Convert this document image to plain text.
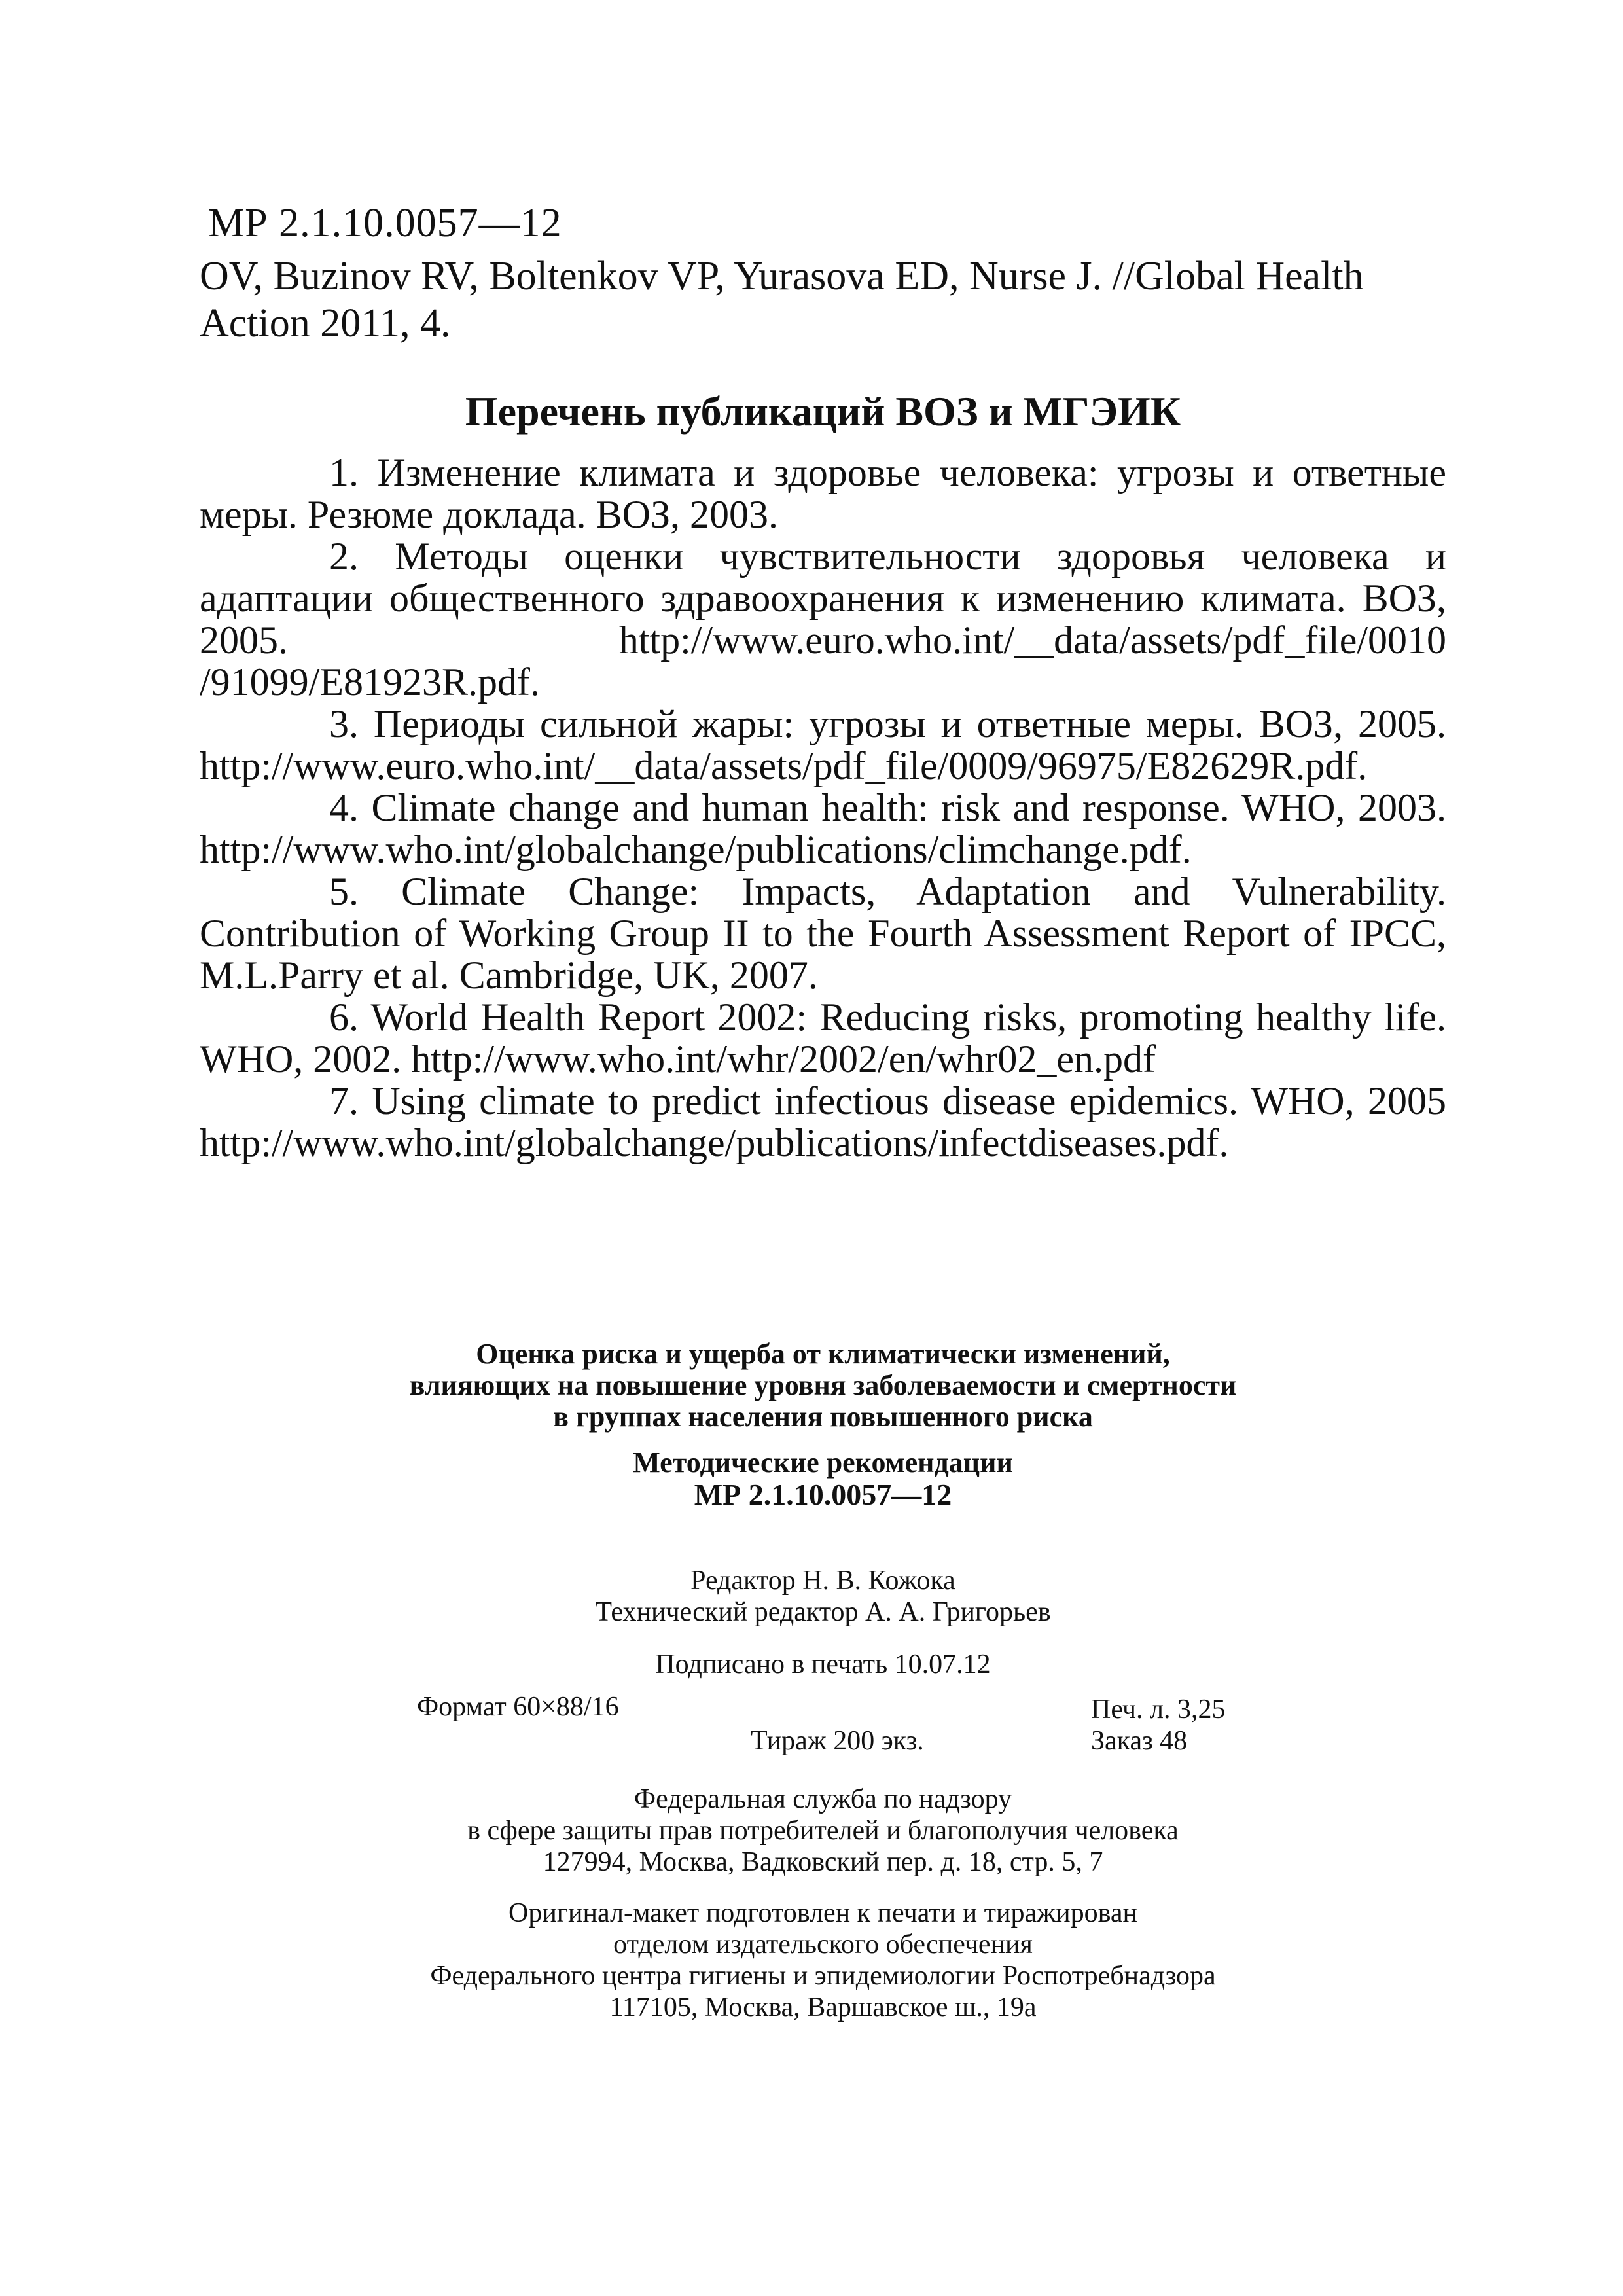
МР 2.1.10.0057—12
OV, Buzinov RV, Boltenkov VP, Yurasova ED, Nurse J. //Global Health Action 2011, 4.
Перечень публикаций ВОЗ и МГЭИК
1. Изменение климата и здоровье человека: угрозы и ответные меры. Резюме доклада. ВОЗ, 2003.
2. Методы оценки чувствительности здоровья человека и адаптации общественного здравоохранения к изменению климата. ВОЗ, 2005. http://www.euro.who.int/__data/assets/pdf_file/0010 /91099/E81923R.pdf.
3. Периоды сильной жары: угрозы и ответные меры. ВОЗ, 2005. http://www.euro.who.int/__data/assets/pdf_file/0009/96975/E82629R.pdf.
4. Climate change and human health: risk and response. WHO, 2003. http://www.who.int/globalchange/publications/climchange.pdf.
5. Climate Change: Impacts, Adaptation and Vulnerability. Contribution of Working Group II to the Fourth Assessment Report of IPCC, M.L.Parry et al. Cambridge, UK, 2007.
6. World Health Report 2002: Reducing risks, promoting healthy life. WHO, 2002. http://www.who.int/whr/2002/en/whr02_en.pdf
7. Using climate to predict infectious disease epidemics. WHO, 2005 http://www.who.int/globalchange/publications/infectdiseases.pdf.

Оценка риска и ущерба от климатически изменений,

влияющих на повышение уровня заболеваемости и смертности

в группах населения повышенного риска

Методические рекомендации

МР 2.1.10.0057—12

Редактор Н. В. Кожока

Технический редактор А. А. Григорьев

Подписано в печать 10.07.12

Формат 60×88/16	Печ. л. 3,25
Тираж 200 экз.	Заказ 48

Федеральная служба по надзору

в сфере защиты прав потребителей и благополучия человека

127994, Москва, Вадковский пер. д. 18, стр. 5, 7

Оригинал-макет подготовлен к печати и тиражирован

отделом издательского обеспечения

Федерального центра гигиены и эпидемиологии Роспотребнадзора

117105, Москва, Варшавское ш., 19а
